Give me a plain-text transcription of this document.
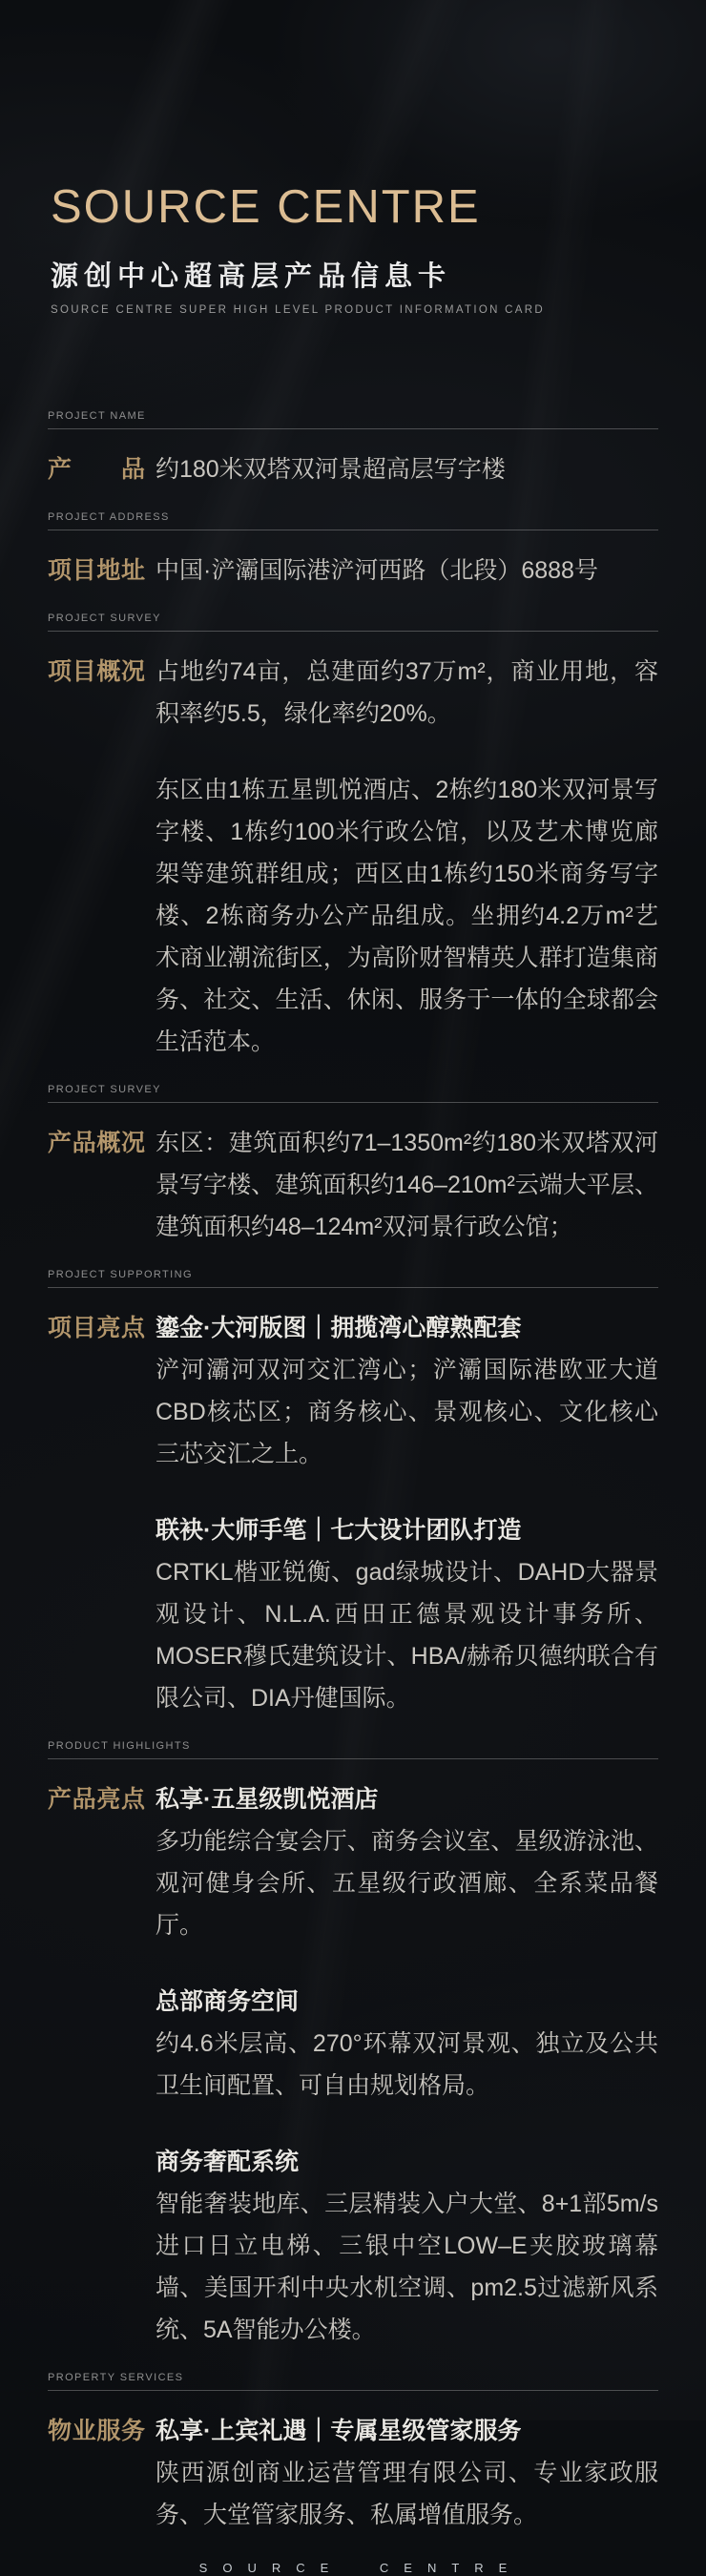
SOURCE CENTRE
源创中心超高层产品信息卡
SOURCE CENTRE SUPER HIGH LEVEL PRODUCT INFORMATION CARD
PROJECT NAME
产品 约180米双塔双河景超高层写字楼
PROJECT ADDRESS
项目地址 中国·浐灞国际港浐河西路（北段）6888号
PROJECT SURVEY
项目概况 占地约74亩，总建面约37万m²，商业用地，容积率约5.5，绿化率约20%。
东区由1栋五星凯悦酒店、2栋约180米双河景写字楼、1栋约100米行政公馆，以及艺术博览廊架等建筑群组成；西区由1栋约150米商务写字楼、2栋商务办公产品组成。坐拥约4.2万m²艺术商业潮流街区，为高阶财智精英人群打造集商务、社交、生活、休闲、服务于一体的全球都会生活范本。
PROJECT SURVEY
产品概况 东区：建筑面积约71–1350m²约180米双塔双河景写字楼、建筑面积约146–210m²云端大平层、建筑面积约48–124m²双河景行政公馆；
PROJECT SUPPORTING
项目亮点 鎏金·大河版图｜拥揽湾心醇熟配套
浐河灞河双河交汇湾心；浐灞国际港欧亚大道CBD核芯区；商务核心、景观核心、文化核心三芯交汇之上。
联袂·大师手笔｜七大设计团队打造
CRTKL楷亚锐衡、gad绿城设计、DAHD大器景观设计、N.L.A.西田正德景观设计事务所、MOSER穆氏建筑设计、HBA/赫希贝德纳联合有限公司、DIA丹健国际。
PRODUCT HIGHLIGHTS
产品亮点 私享·五星级凯悦酒店
多功能综合宴会厅、商务会议室、星级游泳池、观河健身会所、五星级行政酒廊、全系菜品餐厅。
总部商务空间
约4.6米层高、270°环幕双河景观、独立及公共卫生间配置、可自由规划格局。
商务奢配系统
智能奢装地库、三层精装入户大堂、8+1部5m/s进口日立电梯、三银中空LOW–E夹胶玻璃幕墙、美国开利中央水机空调、pm2.5过滤新风系统、5A智能办公楼。
PROPERTY SERVICES
物业服务 私享·上宾礼遇｜专属星级管家服务
陕西源创商业运营管理有限公司、专业家政服务、大堂管家服务、私属增值服务。
SOURCE CENTRE
